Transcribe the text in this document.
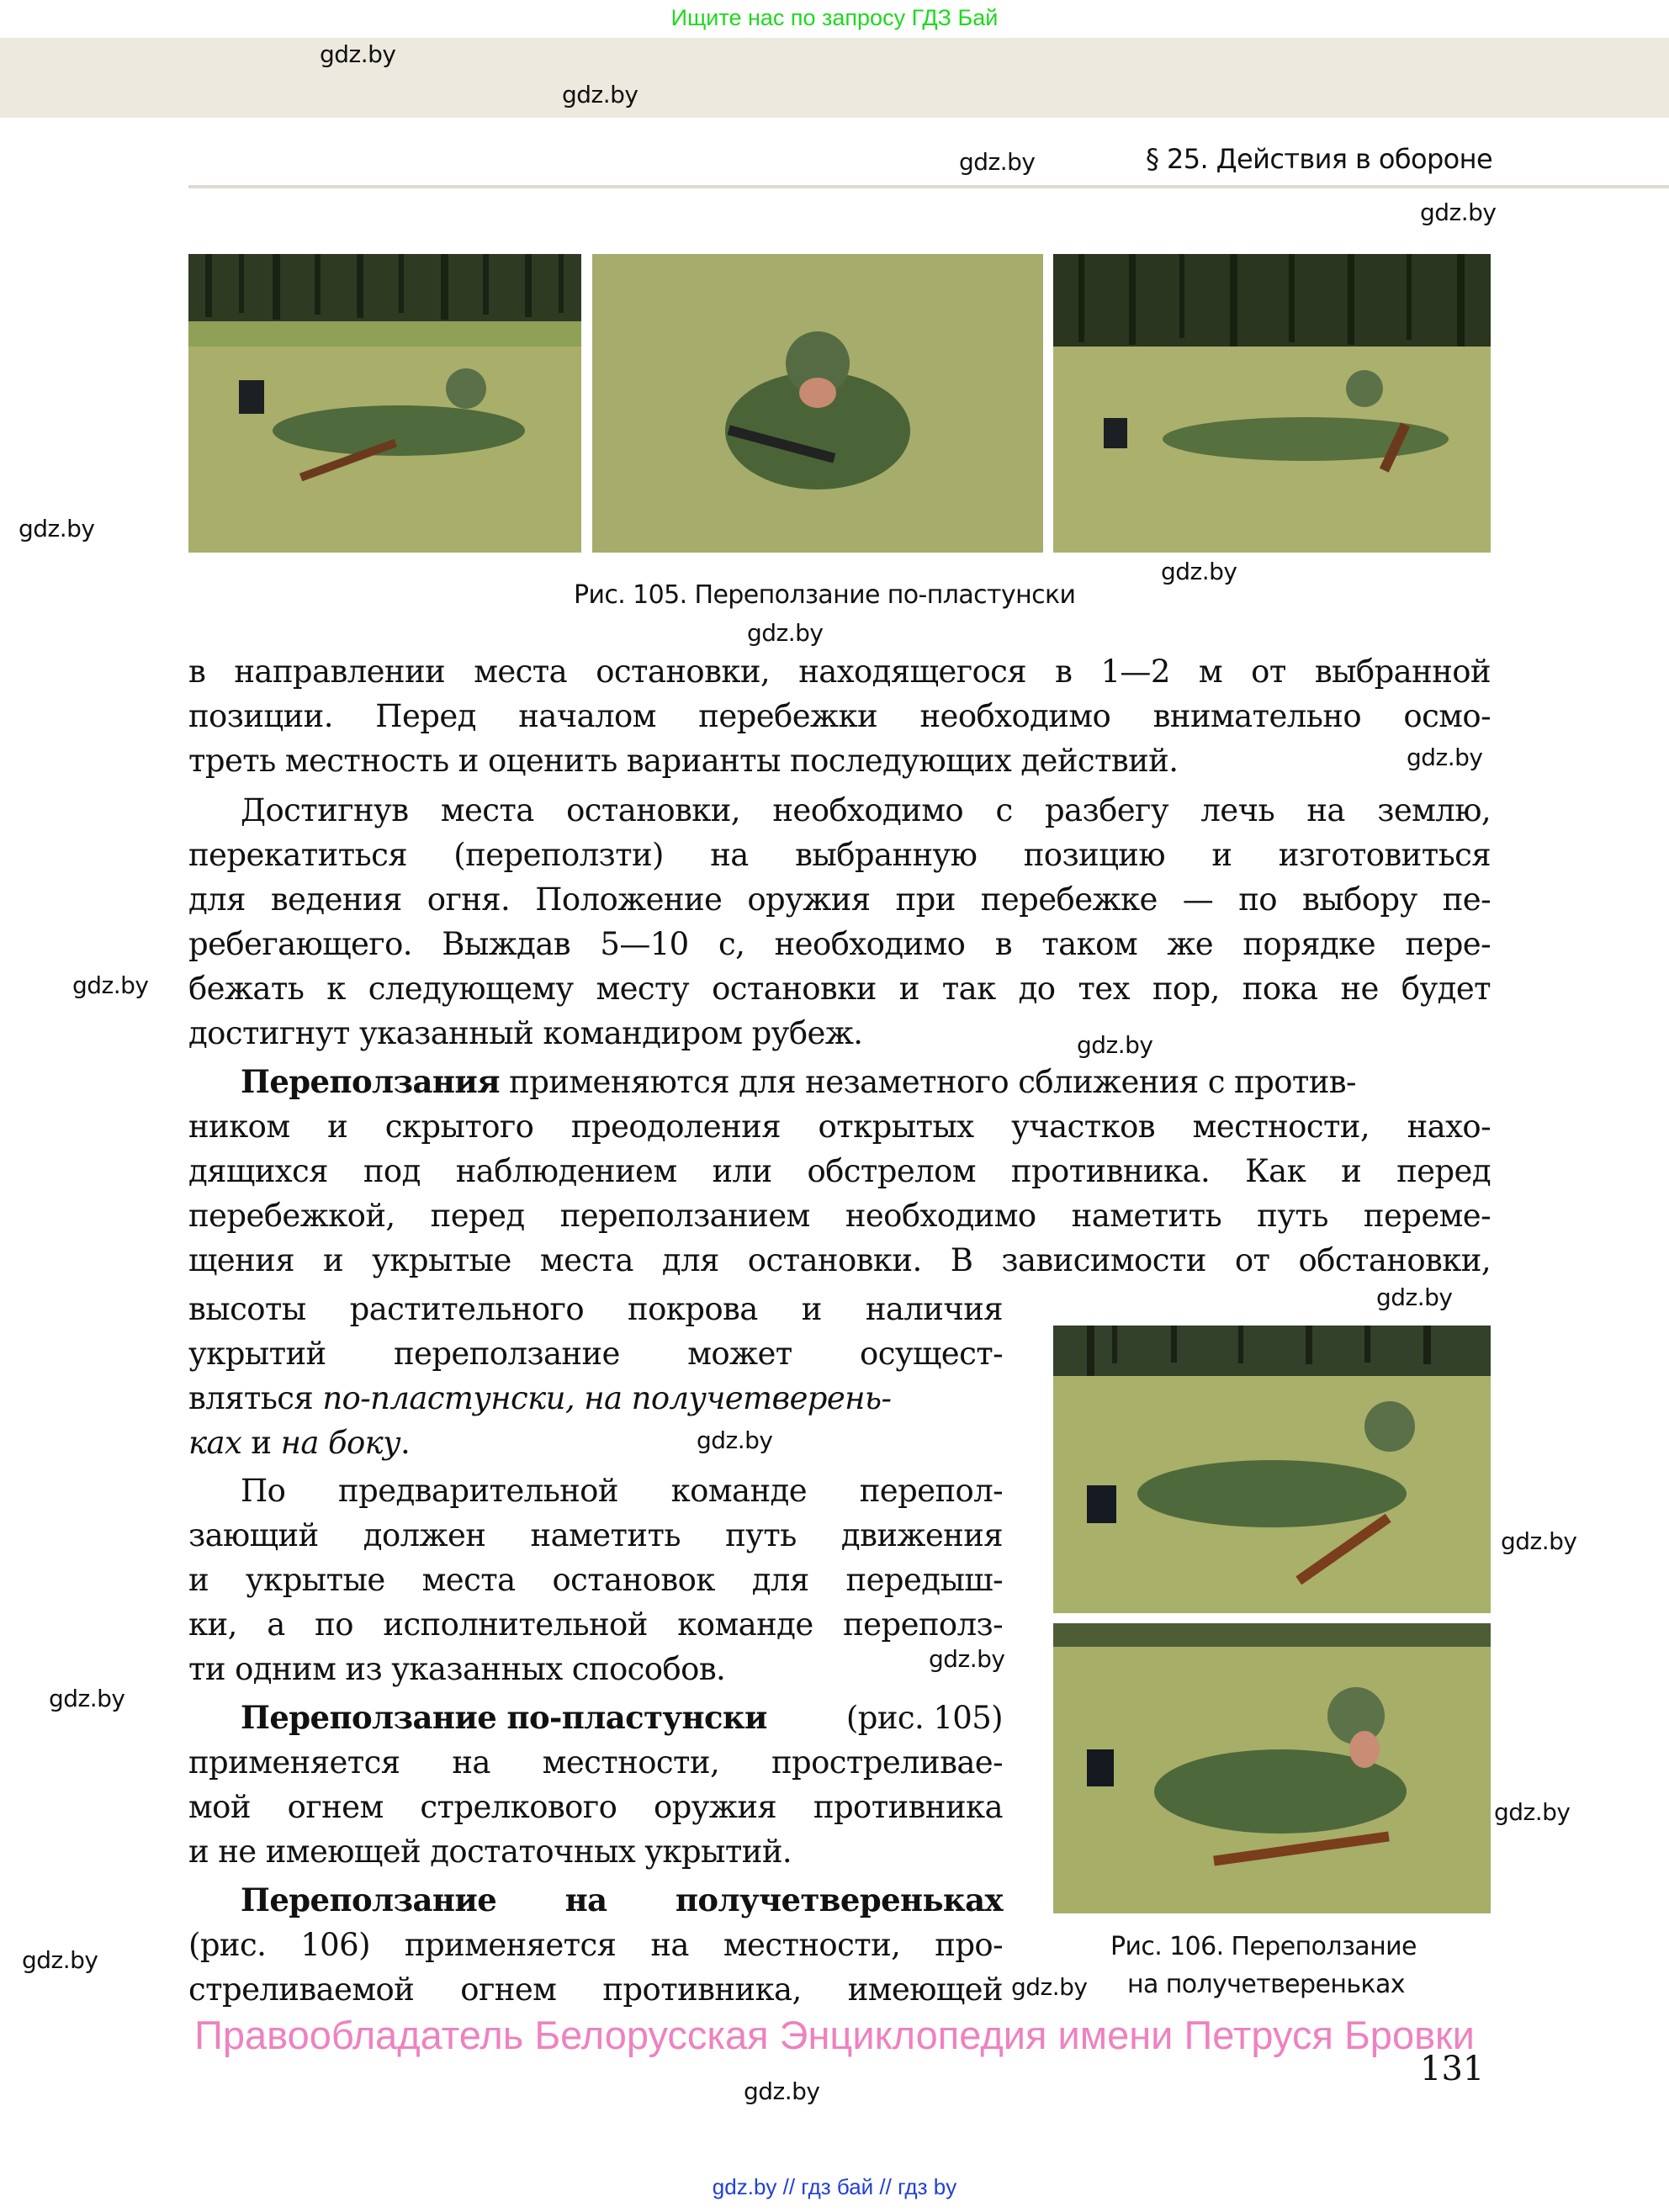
Ищите нас по запросу ГДЗ Бай
gdz.by
gdz.by
gdz.by	§ 25. Действия в обороне
gdz.by
Рис. 105. Переползание по-пластунски
gdz.by
gdz.by
gdz.by
в направлении места остановки, находящегося в 1—2 м от выбранной
позиции. Перед началом перебежки необходимо внимательно осмо-
треть местность и оценить варианты последующих действий.	gdz.by
Достигнув места остановки, необходимо с разбегу лечь на землю,
перекатиться (переползти) на выбранную позицию и изготовиться
для ведения огня. Положение оружия при перебежке — по выбору пе-
ребегающего. Выждав 5—10 с, необходимо в таком же порядке пере-
бежать к следующему месту остановки и так до тех пор, пока не будет
достигнут указанный командиром рубеж.
gdz.by
gdz.by
Переползания применяются для незаметного сближения с против-
ником и скрытого преодоления открытых участков местности, нахо-
дящихся под наблюдением или обстрелом противника. Как и перед
перебежкой, перед переползанием необходимо наметить путь переме-
щения и укрытые места для остановки. В зависимости от обстановки,
gdz.by
высоты растительного покрова и наличия
укрытий переползание может осущест-
вляться по-пластунски, на получетверень-
ках и на боку.	gdz.by
По предварительной команде перепол-
зающий должен наметить путь движения
и укрытые места остановок для передыш-
ки, а по исполнительной команде переполз-
ти одним из указанных способов.	gdz.by
gdz.by
Переползание по-пластунски	(рис. 105)
применяется на местности, простреливае-
мой огнем стрелкового оружия противника
и не имеющей достаточных укрытий.
Переползание на получетвереньках
(рис. 106) применяется на местности, про-
стреливаемой огнем противника, имеющей
gdz.by
gdz.by
gdz.by
Рис. 106. Переползание
на получетвереньках
gdz.by
Правообладатель Белорусская Энциклопедия имени Петруся Бровки
131
gdz.by
gdz.by // гдз бай // гдз by
